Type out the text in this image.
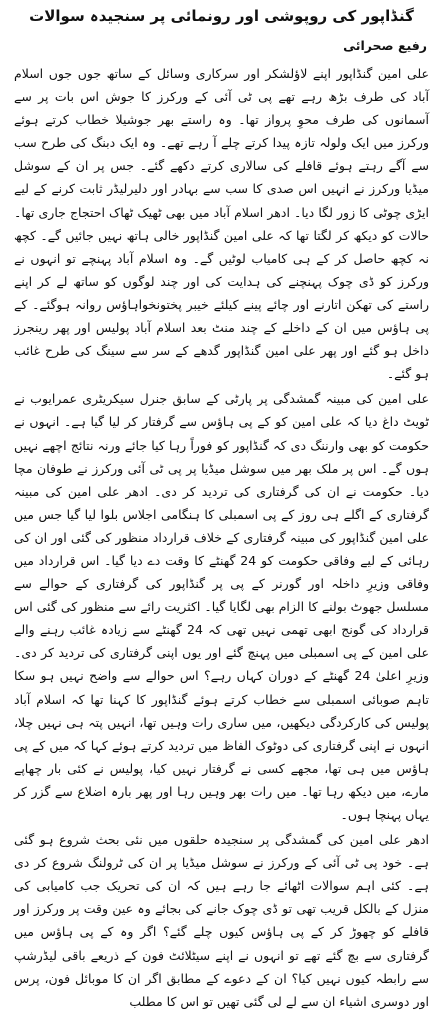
گنڈاپور کی روپوشی اور رونمائی پر سنجیدہ سوالات
رفیع صحرائی

علی امین گنڈاپور اپنے لاؤلشکر اور سرکاری وسائل کے ساتھ جوں جوں اسلام آباد کی طرف بڑھ رہے تھے پی ٹی آئی کے ورکرز کا جوش اس بات پر سے آسمانوں کی طرف محوِ پرواز تھا۔ وہ راستے بھر جوشیلا خطاب کرتے ہوئے ورکرز میں ایک ولولہ تازہ پیدا کرتے چلے آ رہے تھے۔ وہ ایک دبنگ کی طرح سب سے آگے رہتے ہوئے قافلے کی سالاری کرتے دکھے گئے۔ جس پر ان کے سوشل میڈیا ورکرز نے انہیں اس صدی کا سب سے بہادر اور دلیرلیڈر ثابت کرنے کے لیے ایڑی چوٹی کا زور لگا دیا۔ ادھر اسلام آباد میں بھی ٹھیک ٹھاک احتجاج جاری تھا۔ حالات کو دیکھ کر لگتا تھا کہ علی امین گنڈاپور خالی ہاتھ نہیں جائیں گے۔ کچھ نہ کچھ حاصل کر کے ہی کامیاب لوٹیں گے۔ وہ اسلام آباد پہنچے تو انہوں نے ورکرز کو ڈی چوک پہنچنے کی ہدایت کی اور چند لوگوں کو ساتھ لے کر اپنے راستے کی تھکن اتارنے اور چائے پینے کیلئے خیبر پختونخواہاؤس روانہ ہوگئے۔ کے پی ہاؤس میں ان کے داخلے کے چند منٹ بعد اسلام آباد پولیس اور پھر رینجرز داخل ہو گئے اور پھر علی امین گنڈاپور گدھے کے سر سے سینگ کی طرح غائب ہو گئے۔

علی امین کی مبینہ گمشدگی پر پارٹی کے سابق جنرل سیکریٹری عمرایوب نے ٹویٹ داغ دیا کہ علی امین کو کے پی ہاؤس سے گرفتار کر لیا گیا ہے۔ انہوں نے حکومت کو بھی وارننگ دی کہ گنڈاپور کو فوراً رہا کیا جائے ورنہ نتائج اچھے نہیں ہوں گے۔ اس پر ملک بھر میں سوشل میڈیا پر پی ٹی آئی ورکرز نے طوفان مچا دیا۔ حکومت نے ان کی گرفتاری کی تردید کر دی۔ ادھر علی امین کی مبینہ گرفتاری کے اگلے ہی روز کے پی اسمبلی کا ہنگامی اجلاس بلوا لیا گیا جس میں علی امین گنڈاپور کی مبینہ گرفتاری کے خلاف قرارداد منظور کی گئی اور ان کی رہائی کے لیے وفاقی حکومت کو 24 گھنٹے کا وقت دے دیا گیا۔ اس قرارداد میں وفاقی وزیرِ داخلہ اور گورنر کے پی پر گنڈاپور کی گرفتاری کے حوالے سے مسلسل جھوٹ بولنے کا الزام بھی لگایا گیا۔ اکثریت رائے سے منظور کی گئی اس قرارداد کی گونج ابھی تھمی نہیں تھی کہ 24 گھنٹے سے زیادہ غائب رہنے والے علی امین کے پی اسمبلی میں پہنچ گئے اور یوں اپنی گرفتاری کی تردید کر دی۔ وزیرِ اعلیٰ 24 گھنٹے کے دوران کہاں رہے؟ اس حوالے سے واضح نہیں ہو سکا تاہم صوبائی اسمبلی سے خطاب کرتے ہوئے گنڈاپور کا کہنا تھا کہ اسلام آباد پولیس کی کارکردگی دیکھیں، میں ساری رات وہیں تھا، انہیں پتہ ہی نہیں چلا، انہوں نے اپنی گرفتاری کی دوٹوک الفاظ میں تردید کرتے ہوئے کہا کہ میں کے پی ہاؤس میں ہی تھا، مجھے کسی نے گرفتار نہیں کیا، پولیس نے کئی بار چھاپے مارے، میں دیکھ رہا تھا۔ میں رات بھر وہیں رہا اور پھر بارہ اضلاع سے گزر کر یہاں پہنچا ہوں۔

ادھر علی امین کی گمشدگی پر سنجیدہ حلقوں میں نئی بحث شروع ہو گئی ہے۔ خود پی ٹی آئی کے ورکرز نے سوشل میڈیا پر ان کی ٹرولنگ شروع کر دی ہے۔ کئی اہم سوالات اٹھائے جا رہے ہیں کہ ان کی تحریک جب کامیابی کی منزل کے بالکل قریب تھی تو ڈی چوک جانے کی بجائے وہ عین وقت پر ورکرز اور قافلے کو چھوڑ کر کے پی ہاؤس کیوں چلے گئے؟ اگر وہ کے پی ہاؤس میں گرفتاری سے بچ گئے تھے تو انہوں نے اپنے سیٹلائٹ فون کے ذریعے باقی لیڈرشپ سے رابطہ کیوں نہیں کیا؟ ان کے دعوے کے مطابق اگر ان کا موبائل فون، پرس اور دوسری اشیاء ان سے لے لی گئی تھیں تو اس کا مطلب
